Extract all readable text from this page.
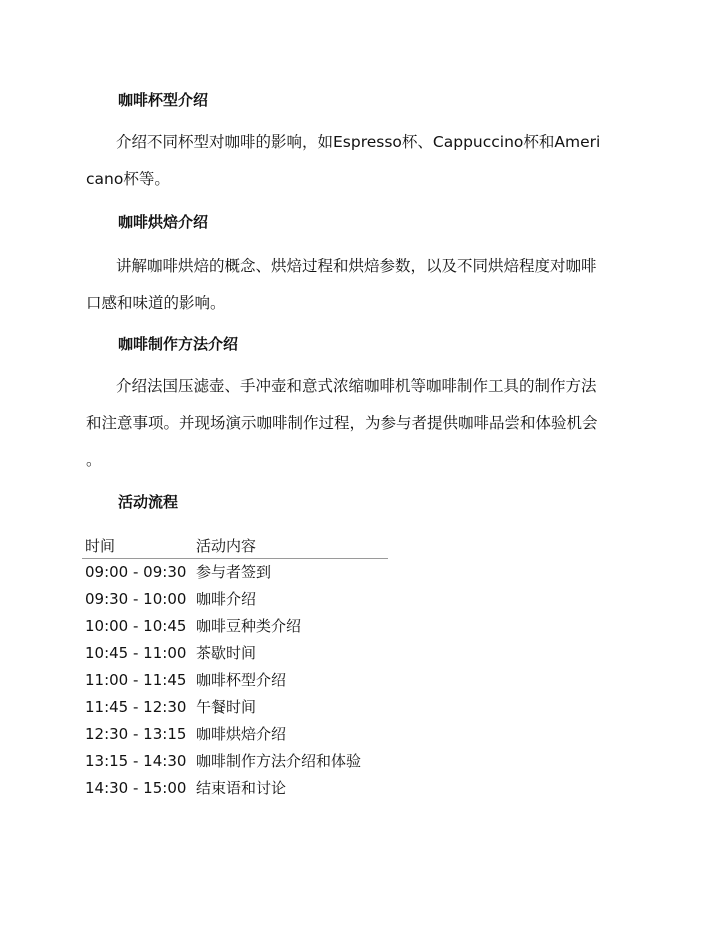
咖啡杯型介绍
介绍不同杯型对咖啡的影响，如Espresso杯、Cappuccino杯和Ameri
cano杯等。
咖啡烘焙介绍
讲解咖啡烘焙的概念、烘焙过程和烘焙参数，以及不同烘焙程度对咖啡
口感和味道的影响。
咖啡制作方法介绍
介绍法国压滤壶、手冲壶和意式浓缩咖啡机等咖啡制作工具的制作方法
和注意事项。并现场演示咖啡制作过程，为参与者提供咖啡品尝和体验机会
。
活动流程
时间	活动内容
09:00 - 09:30	参与者签到
09:30 - 10:00	咖啡介绍
10:00 - 10:45	咖啡豆种类介绍
10:45 - 11:00	茶歇时间
11:00 - 11:45	咖啡杯型介绍
11:45 - 12:30	午餐时间
12:30 - 13:15	咖啡烘焙介绍
13:15 - 14:30	咖啡制作方法介绍和体验
14:30 - 15:00	结束语和讨论
